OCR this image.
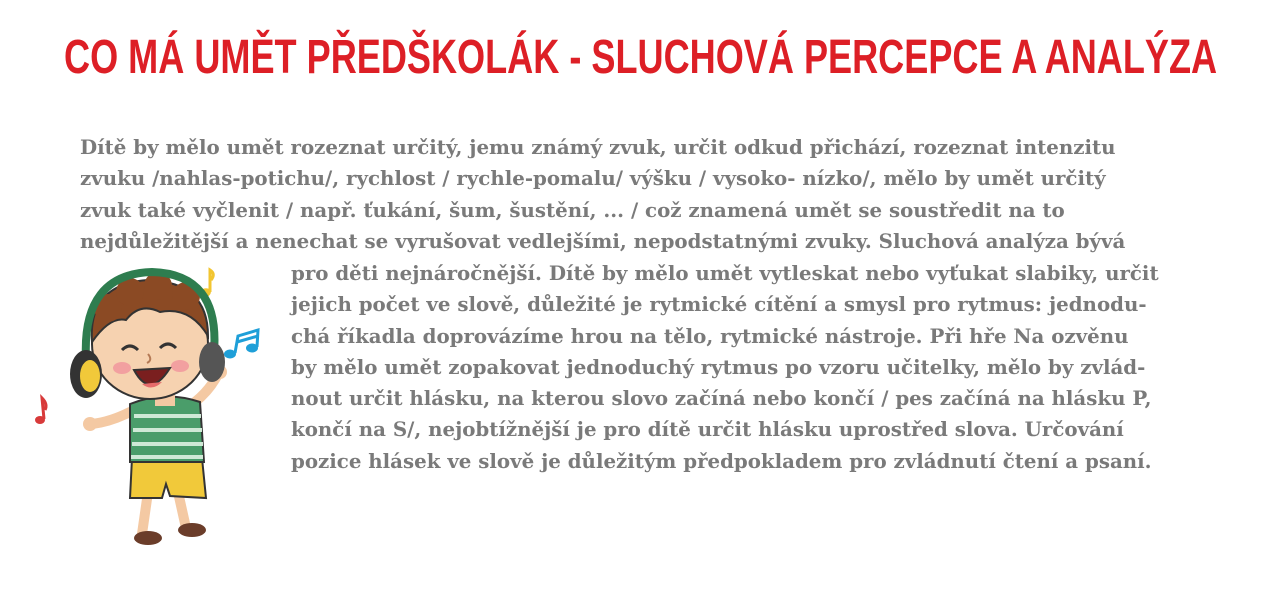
CO MÁ UMĚT PŘEDŠKOLÁK - SLUCHOVÁ PERCEPCE A ANALÝZA
Dítě by mělo umět rozeznat určitý, jemu známý zvuk, určit odkud přichází, rozeznat intenzitu
zvuku /nahlas-potichu/, rychlost / rychle-pomalu/ výšku / vysoko- nízko/, mělo by umět určitý
zvuk také vyčlenit / např. ťukání, šum, šustění, ... / což znamená umět se soustředit na to
nejdůležitější a nenechat se vyrušovat vedlejšími, nepodstatnými zvuky. Sluchová analýza bývá
pro děti nejnáročnější. Dítě by mělo umět vytleskat nebo vyťukat slabiky, určit
jejich počet ve slově, důležité je rytmické cítění a smysl pro rytmus: jednodu-
chá říkadla doprovázíme hrou na tělo, rytmické nástroje. Při hře Na ozvěnu
by mělo umět zopakovat jednoduchý rytmus po vzoru učitelky, mělo by zvlád-
nout určit hlásku, na kterou slovo začíná nebo končí / pes začíná na hlásku P,
končí na S/, nejobtížnější je pro dítě určit hlásku uprostřed slova. Určování
pozice hlásek ve slově je důležitým předpokladem pro zvládnutí čtení a psaní.
